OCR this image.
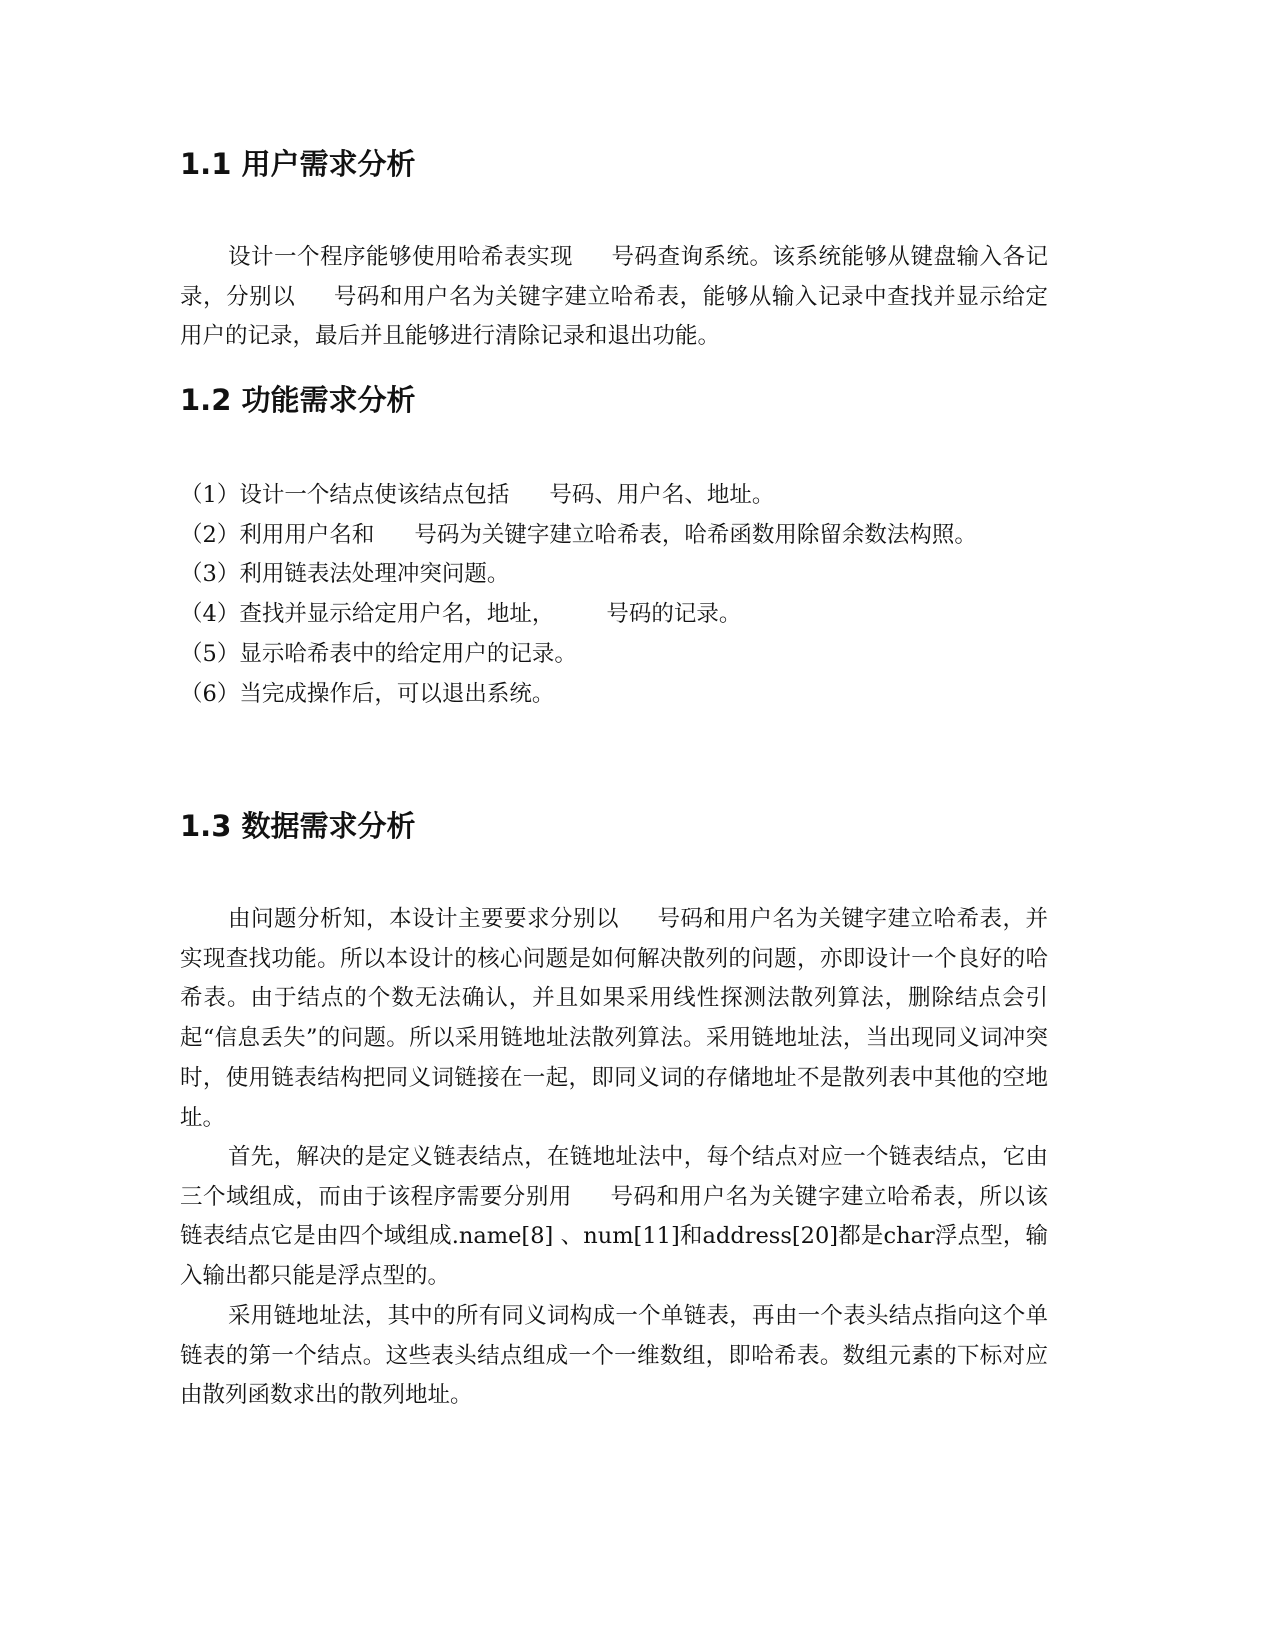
1.1 用户需求分析

设计一个程序能够使用哈希表实现 号码查询系统。该系统能够从键盘输入各记录，分别以 号码和用户名为关键字建立哈希表，能够从输入记录中查找并显示给定用户的记录，最后并且能够进行清除记录和退出功能。

1.2 功能需求分析
（1）设计一个结点使该结点包括 号码、用户名、地址。
（2）利用用户名和 号码为关键字建立哈希表，哈希函数用除留余数法构照。
（3）利用链表法处理冲突问题。
（4）查找并显示给定用户名，地址， 号码的记录。
（5）显示哈希表中的给定用户的记录。
（6）当完成操作后，可以退出系统。
1.3 数据需求分析

由问题分析知，本设计主要要求分别以 号码和用户名为关键字建立哈希表，并实现查找功能。所以本设计的核心问题是如何解决散列的问题，亦即设计一个良好的哈希表。由于结点的个数无法确认，并且如果采用线性探测法散列算法，删除结点会引起“信息丢失”的问题。所以采用链地址法散列算法。采用链地址法，当出现同义词冲突时，使用链表结构把同义词链接在一起，即同义词的存储地址不是散列表中其他的空地址。

首先，解决的是定义链表结点，在链地址法中，每个结点对应一个链表结点，它由三个域组成，而由于该程序需要分别用 号码和用户名为关键字建立哈希表，所以该链表结点它是由四个域组成.name[8] 、num[11]和address[20]都是char浮点型，输入输出都只能是浮点型的。

采用链地址法，其中的所有同义词构成一个单链表，再由一个表头结点指向这个单链表的第一个结点。这些表头结点组成一个一维数组，即哈希表。数组元素的下标对应由散列函数求出的散列地址。
